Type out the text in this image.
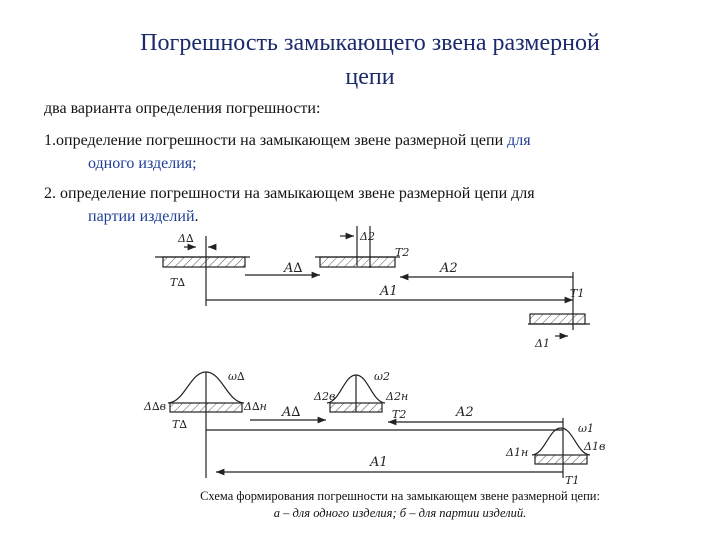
Погрешность замыкающего звена размерной
цепи
два варианта определения погрешности:
1.определение погрешности на замыкающем звене размерной цепи для
одного изделия;
2. определение погрешности на замыкающем звене размерной цепи для
партии изделий.
Δ∆
T∆
A∆
Δ2
T2
A2
A1	T1
Δ1
ω∆
Δ∆в	Δ∆н
T∆
A∆
ω2
Δ2в	Δ2н
T2	A2
A1
ω1
Δ1н	Δ1в
T1
Схема формирования погрешности на замыкающем звене размерной цепи:
а – для одного изделия; б – для партии изделий.
